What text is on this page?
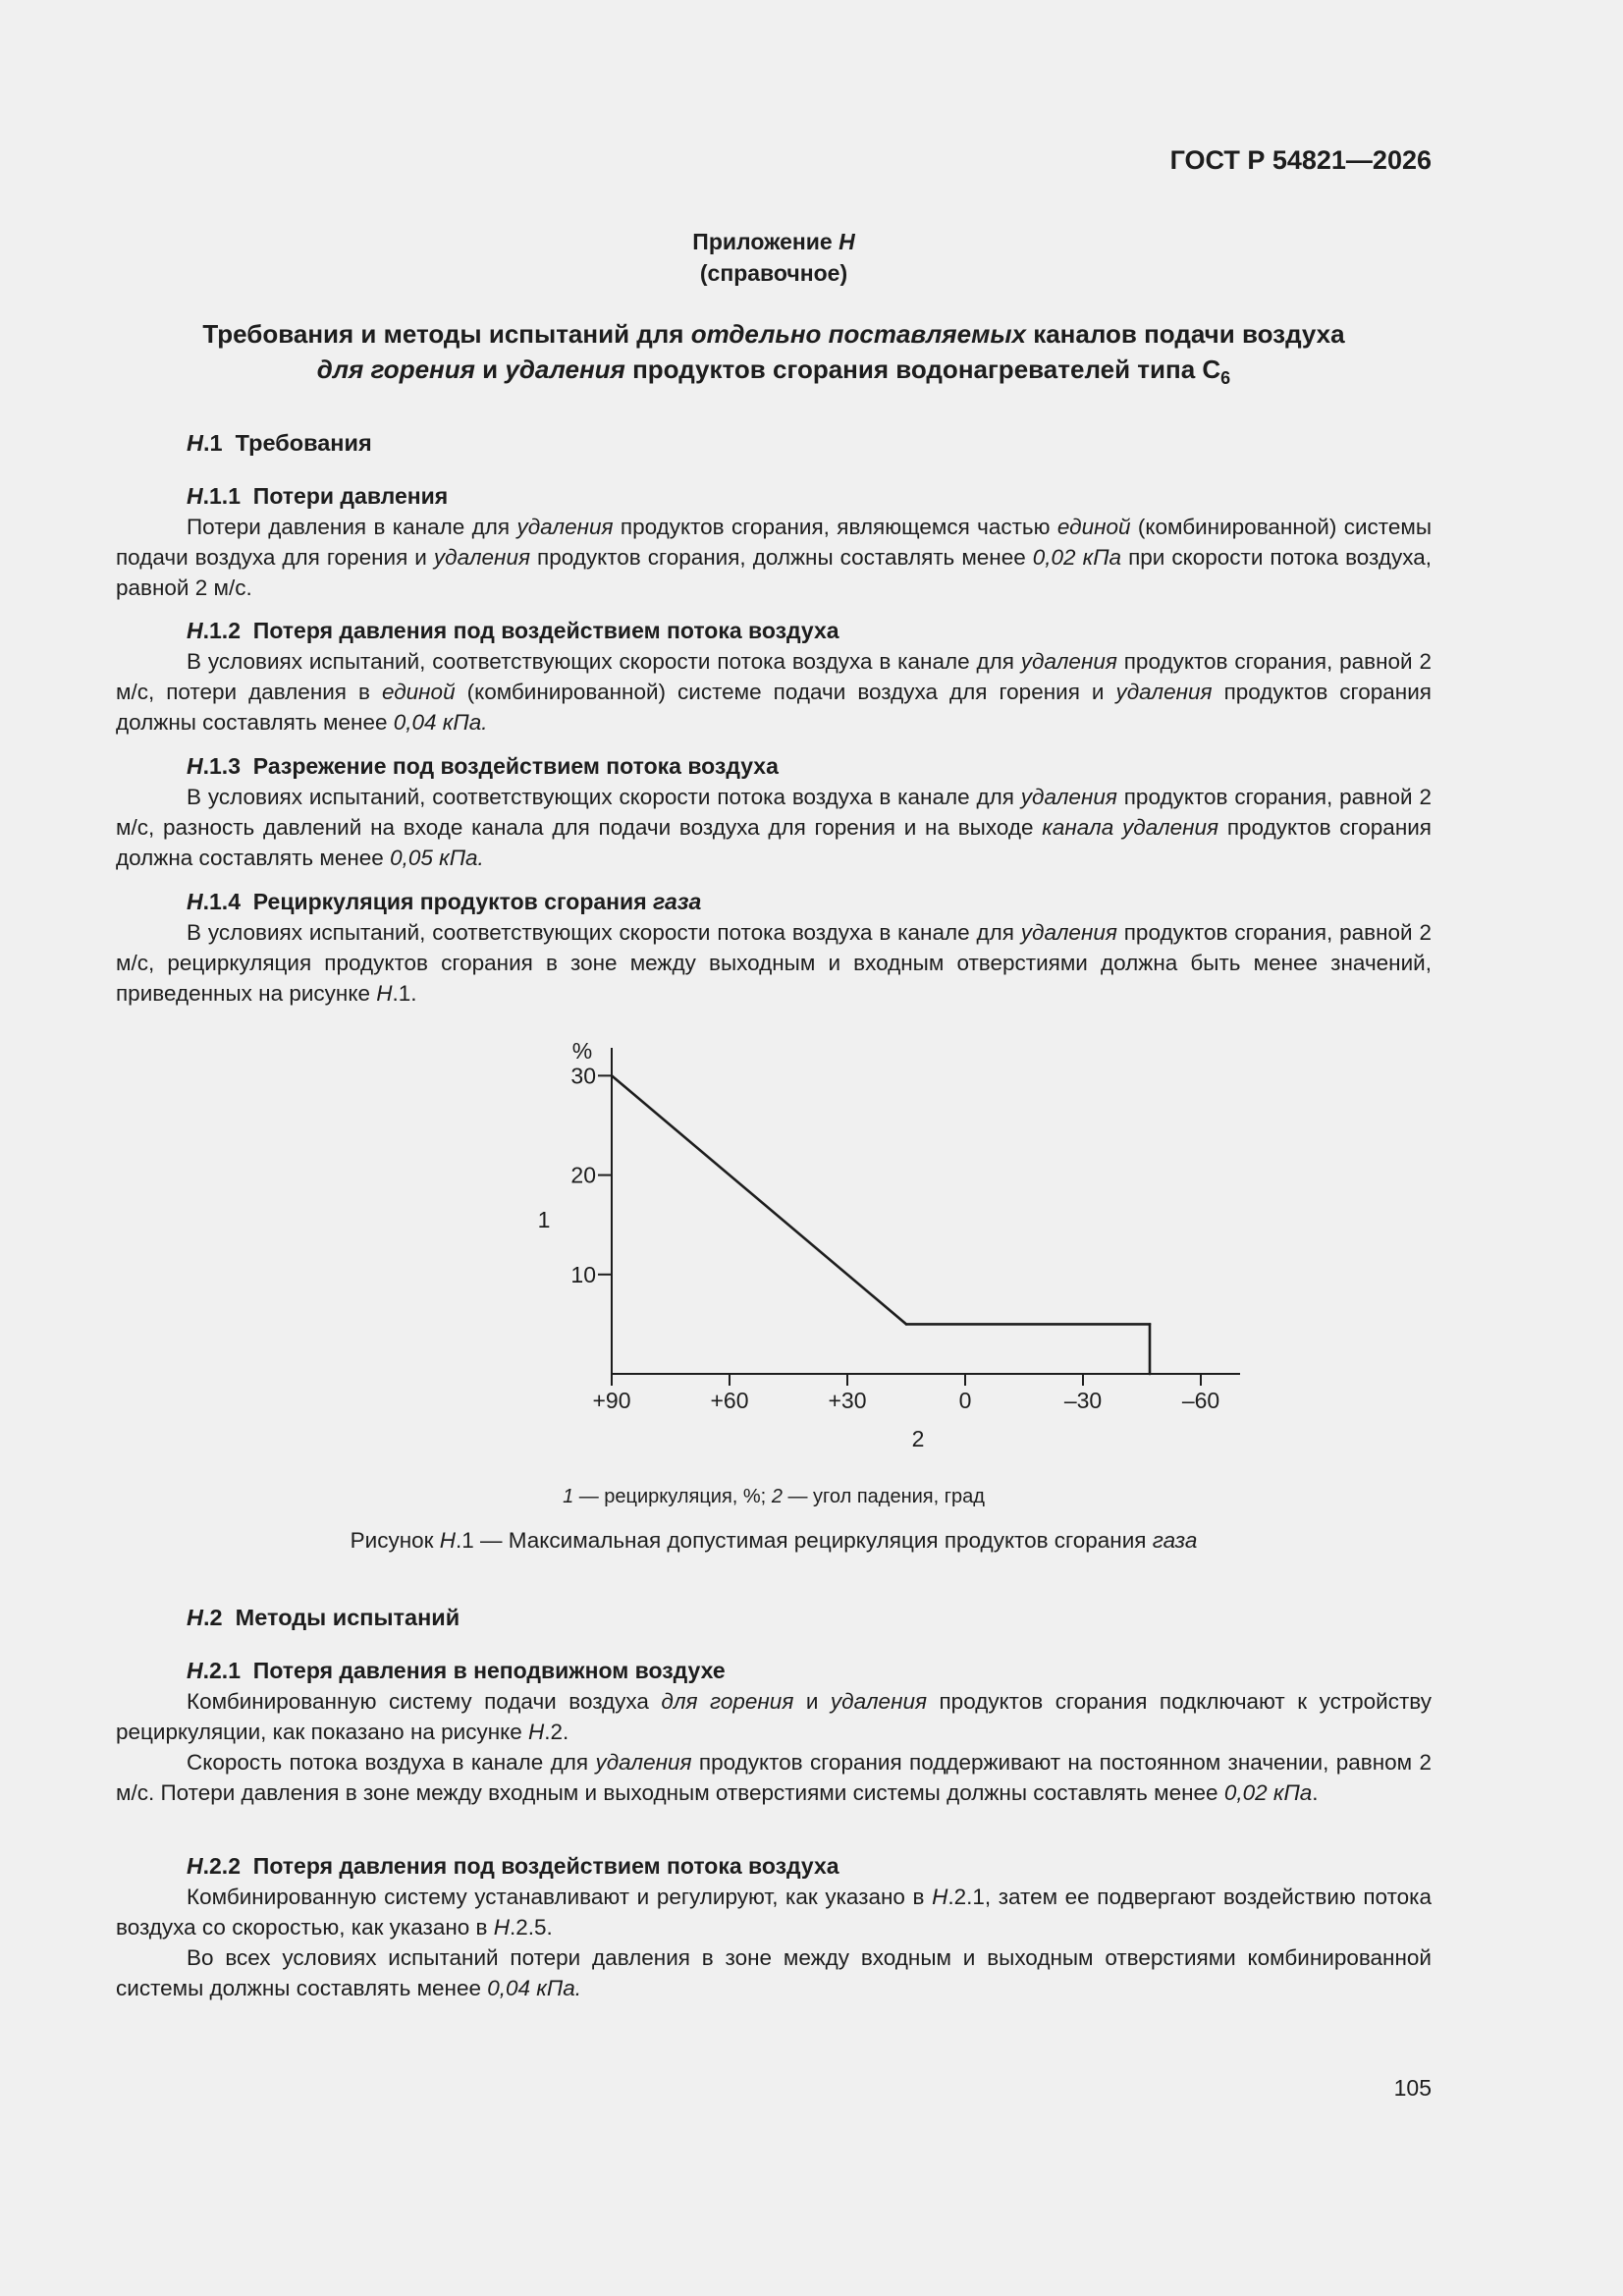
ГОСТ Р 54821—2026
Приложение Н
(справочное)
Требования и методы испытаний для отдельно поставляемых каналов подачи воздуха
для горения и удаления продуктов сгорания водонагревателей типа $С_6$
Н.1 Требования
Н.1.1 Потери давления

Потери давления в канале для удаления продуктов сгорания, являющемся частью единой (комбинированной) системы подачи воздуха для горения и удаления продуктов сгорания, должны составлять менее 0,02 кПа при скорости потока воздуха, равной 2 м/с.

Н.1.2 Потеря давления под воздействием потока воздуха

В условиях испытаний, соответствующих скорости потока воздуха в канале для удаления продуктов сгорания, равной 2 м/с, потери давления в единой (комбинированной) системе подачи воздуха для горения и удаления продуктов сгорания должны составлять менее 0,04 кПа.

Н.1.3 Разрежение под воздействием потока воздуха

В условиях испытаний, соответствующих скорости потока воздуха в канале для удаления продуктов сгорания, равной 2 м/с, разность давлений на входе канала для подачи воздуха для горения и на выходе канала удаления продуктов сгорания должна составлять менее 0,05 кПа.

Н.1.4 Рециркуляция продуктов сгорания газа

В условиях испытаний, соответствующих скорости потока воздуха в канале для удаления продуктов сгорания, равной 2 м/с, рециркуляция продуктов сгорания в зоне между выходным и входным отверстиями должна быть менее значений, приведенных на рисунке Н.1.

10
20
30
+90	+60	+30	0	–30	–60
%
1
2
1 — рециркуляция, %; 2 — угол падения, град
Рисунок Н.1 — Максимальная допустимая рециркуляция продуктов сгорания газа
Н.2 Методы испытаний
Н.2.1 Потеря давления в неподвижном воздухе

Комбинированную систему подачи воздуха для горения и удаления продуктов сгорания подключают к устройству рециркуляции, как показано на рисунке Н.2.

Скорость потока воздуха в канале для удаления продуктов сгорания поддерживают на постоянном значении, равном 2 м/с. Потери давления в зоне между входным и выходным отверстиями системы должны составлять менее 0,02 кПа.

Н.2.2 Потеря давления под воздействием потока воздуха

Комбинированную систему устанавливают и регулируют, как указано в Н.2.1, затем ее подвергают воздействию потока воздуха со скоростью, как указано в Н.2.5.

Во всех условиях испытаний потери давления в зоне между входным и выходным отверстиями комбинированной системы должны составлять менее 0,04 кПа.

105
